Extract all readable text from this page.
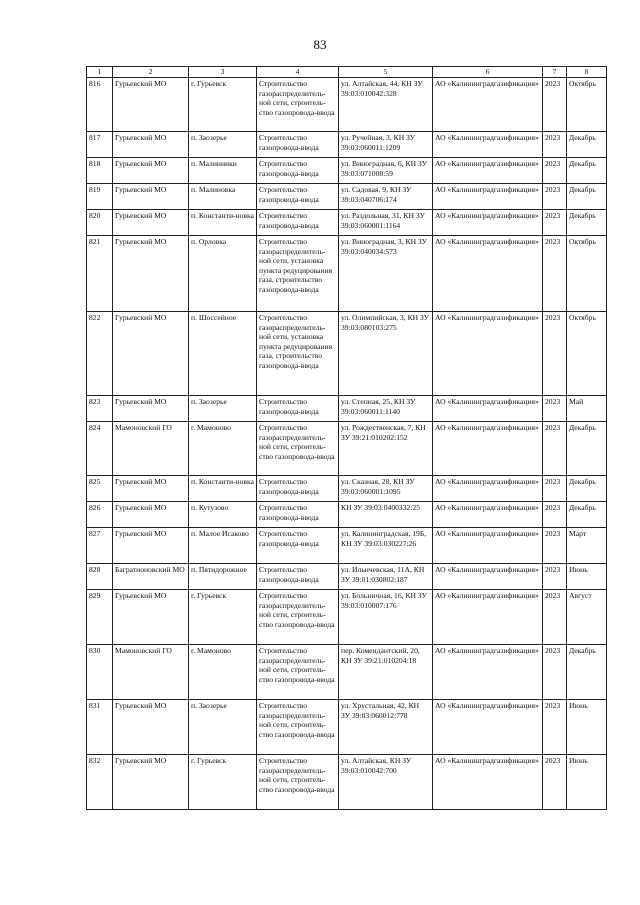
83
1	2	3	4	5	6	7	8
816	Гурьевский МО	г. Гурьевск	Строительство газораспределитель-ной сети, строитель-ство газопровода-ввода	ул. Алтайская, 44, КН ЗУ 39:03:010042:328	АО «Калининградгазификация»	2023	Октябрь
817	Гурьевский МО	п. Заозерье	Строительство газопровода-ввода	ул. Ручейная, 3, КН ЗУ 39:03:060011:1209	АО «Калининградгазификация»	2023	Декабрь
818	Гурьевский МО	п. Малинники	Строительство газопровода-ввода	ул. Виноградная, 6, КН ЗУ 39:03:071008:59	АО «Калининградгазификация»	2023	Декабрь
819	Гурьевский МО	п. Малиновка	Строительство газопровода-ввода	ул. Садовая, 9, КН ЗУ 39:03:040706:174	АО «Калининградгазификация»	2023	Декабрь
820	Гурьевский МО	п. Константи-новка	Строительство газопровода-ввода	ул. Раздольная, 31, КН ЗУ 39:03:060001:1164	АО «Калининградгазификация»	2023	Декабрь
821	Гурьевский МО	п. Орловка	Строительство газораспределитель-ной сети, установка пункта редуцирования газа, строительство газопровода-ввода	ул. Виноградная, 3, КН ЗУ 39:03:040034:573	АО «Калининградгазификация»	2023	Октябрь
822	Гурьевский МО	п. Шоссейное	Строительство газораспределитель-ной сети, установка пункта редуцирования газа, строительство газопровода-ввода	ул. Олимпийская, 3, КН ЗУ 39:03:080103:275	АО «Калининградгазификация»	2023	Октябрь
823	Гурьевский МО	п. Заозерье	Строительство газопровода-ввода	ул. Степная, 25, КН ЗУ 39:03:060011:1140	АО «Калининградгазификация»	2023	Май
824	Мамоновский ГО	г. Мамоново	Строительство газораспределитель-ной сети, строитель-ство газопровода-ввода	ул. Рождественская, 7, КН ЗУ 39:21:010202:152	АО «Калининградгазификация»	2023	Декабрь
825	Гурьевский МО	п. Константи-новка	Строительство газопровода-ввода	ул. Сказная, 28, КН ЗУ 39:03:060001:1095	АО «Калининградгазификация»	2023	Декабрь
826	Гурьевский МО	п. Кутузово	Строительство газопровода-ввода	КН ЗУ 39:03:0400332:25	АО «Калининградгазификация»	2023	Декабрь
827	Гурьевский МО	п. Малое Исаково	Строительство газопровода-ввода	ул. Калининградская, 19Б, КН ЗУ 39:03:030227:26	АО «Калининградгазификация»	2023	Март
828	Багратионовский МО	п. Пятидорожное	Строительство газопровода-ввода	ул. Ильичевская, 11А, КН ЗУ 39:01:030802:187	АО «Калининградгазификация»	2023	Июнь
829	Гурьевский МО	г. Гурьевск	Строительство газораспределитель-ной сети, строитель-ство газопровода-ввода	ул. Больничная, 16, КН ЗУ 39:03:010007:176	АО «Калининградгазификация»	2023	Август
830	Мамоновский ГО	г. Мамоново	Строительство газораспределитель-ной сети, строитель-ство газопровода-ввода	пер. Комендантский, 20, КН ЗУ 39:21:010204:18	АО «Калининградгазификация»	2023	Декабрь
831	Гурьевский МО	п. Заозерье	Строительство газораспределитель-ной сети, строитель-ство газопровода-ввода	ул. Хрустальная, 42, КН ЗУ 39:03:060012:778	АО «Калининградгазификация»	2023	Июнь
832	Гурьевский МО	г. Гурьевск	Строительство газораспределитель-ной сети, строитель-ство газопровода-ввода	ул. Алтайская, КН ЗУ 39:03:010042:700	АО «Калининградгазификация»	2023	Июнь
